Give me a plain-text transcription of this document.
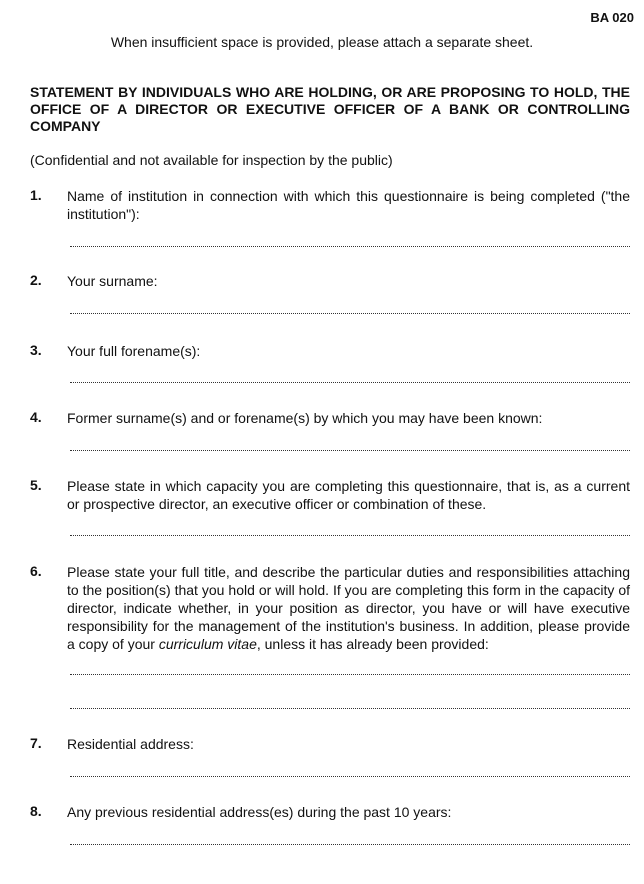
BA 020
When insufficient space is provided, please attach a separate sheet.
STATEMENT BY INDIVIDUALS WHO ARE HOLDING, OR ARE PROPOSING TO HOLD, THE OFFICE OF A DIRECTOR OR EXECUTIVE OFFICER OF A BANK OR CONTROLLING COMPANY
(Confidential and not available for inspection by the public)
1.	Name of institution in connection with which this questionnaire is being completed ("the institution"):
2.	Your surname:
3.	Your full forename(s):
4.	Former surname(s) and or forename(s) by which you may have been known:
5.	Please state in which capacity you are completing this questionnaire, that is, as a current or prospective director, an executive officer or combination of these.
6.	Please state your full title, and describe the particular duties and responsibilities attaching to the position(s) that you hold or will hold. If you are completing this form in the capacity of director, indicate whether, in your position as director, you have or will have executive responsibility for the management of the institution's business. In addition, please provide a copy of your curriculum vitae, unless it has already been provided:
7.	Residential address:
8.	Any previous residential address(es) during the past 10 years:
